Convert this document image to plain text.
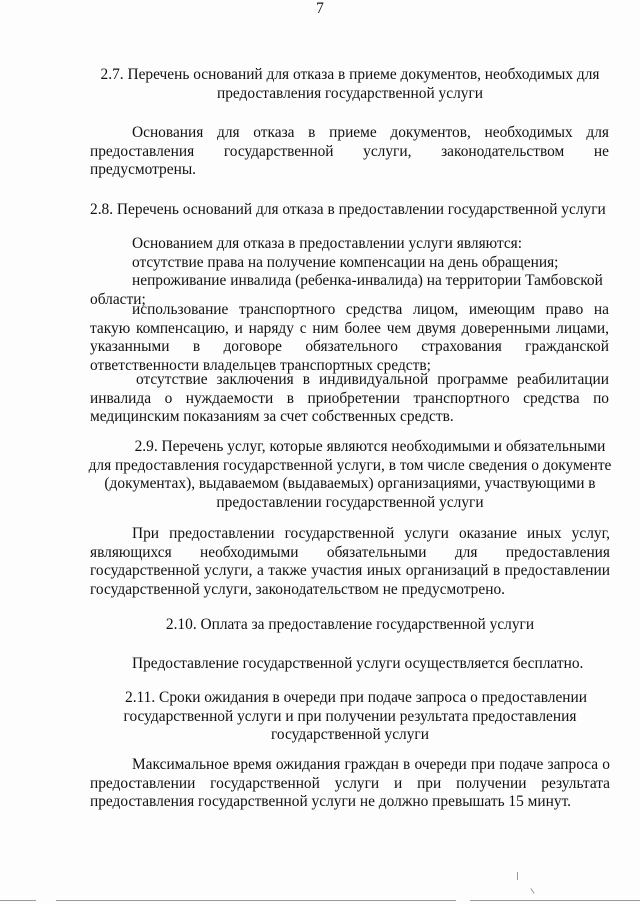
7
2.7. Перечень оснований для отказа в приеме документов, необходимых для
предоставления государственной услуги
Основания для отказа в приеме документов, необходимых для
предоставления государственной услуги, законодательством не
предусмотрены.
2.8. Перечень оснований для отказа в предоставлении государственной услуги
Основанием для отказа в предоставлении услуги являются:
отсутствие права на получение компенсации на день обращения;
непроживание инвалида (ребенка-инвалида) на территории Тамбовской
области;
использование транспортного средства лицом, имеющим право на
такую компенсацию, и наряду с ним более чем двумя доверенными лицами,
указанными в договоре обязательного страхования гражданской
ответственности владельцев транспортных средств;
отсутствие заключения в индивидуальной программе реабилитации
инвалида о нуждаемости в приобретении транспортного средства по
медицинским показаниям за счет собственных средств.
2.9. Перечень услуг, которые являются необходимыми и обязательными
для предоставления государственной услуги, в том числе сведения о документе
(документах), выдаваемом (выдаваемых) организациями, участвующими в
предоставлении государственной услуги
При предоставлении государственной услуги оказание иных услуг,
являющихся необходимыми обязательными для предоставления
государственной услуги, а также участия иных организаций в предоставлении
государственной услуги, законодательством не предусмотрено.
2.10. Оплата за предоставление государственной услуги
Предоставление государственной услуги осуществляется бесплатно.
2.11. Сроки ожидания в очереди при подаче запроса о предоставлении
государственной услуги и при получении результата предоставления
государственной услуги
Максимальное время ожидания граждан в очереди при подаче запроса о
предоставлении государственной услуги и при получении результата
предоставления государственной услуги не должно превышать 15 минут.
